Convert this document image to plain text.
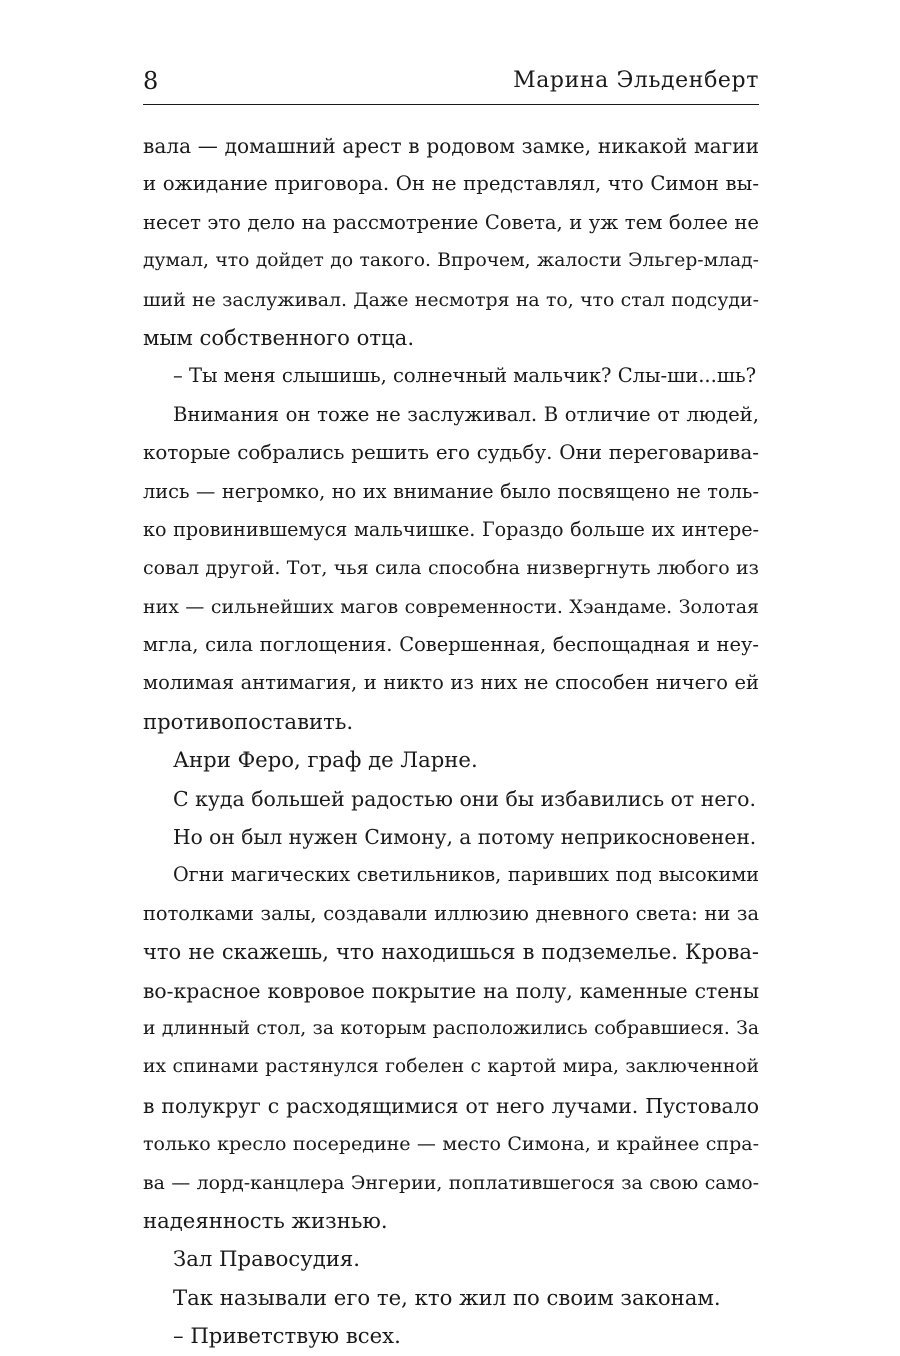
8	Марина Эльденберт
вала — домашний арест в родовом замке, никакой магии
и ожидание приговора. Он не представлял, что Симон вы-
несет это дело на рассмотрение Совета, и уж тем более не
думал, что дойдет до такого. Впрочем, жалости Эльгер-млад-
ший не заслуживал. Даже несмотря на то, что стал подсуди-
мым собственного отца.
– Ты меня слышишь, солнечный мальчик? Слы-ши...шь?
Внимания он тоже не заслуживал. В отличие от людей,
которые собрались решить его судьбу. Они переговарива-
лись — негромко, но их внимание было посвящено не толь-
ко провинившемуся мальчишке. Гораздо больше их интере-
совал другой. Тот, чья сила способна низвергнуть любого из
них — сильнейших магов современности. Хэандаме. Золотая
мгла, сила поглощения. Совершенная, беспощадная и неу-
молимая антимагия, и никто из них не способен ничего ей
противопоставить.
Анри Феро, граф де Ларне.
С куда большей радостью они бы избавились от него.
Но он был нужен Симону, а потому неприкосновенен.
Огни магических светильников, паривших под высокими
потолками залы, создавали иллюзию дневного света: ни за
что не скажешь, что находишься в подземелье. Крова-
во-красное ковровое покрытие на полу, каменные стены
и длинный стол, за которым расположились собравшиеся. За
их спинами растянулся гобелен с картой мира, заключенной
в полукруг с расходящимися от него лучами. Пустовало
только кресло посередине — место Симона, и крайнее спра-
ва — лорд-канцлера Энгерии, поплатившегося за свою само-
надеянность жизнью.
Зал Правосудия.
Так называли его те, кто жил по своим законам.
– Приветствую всех.
